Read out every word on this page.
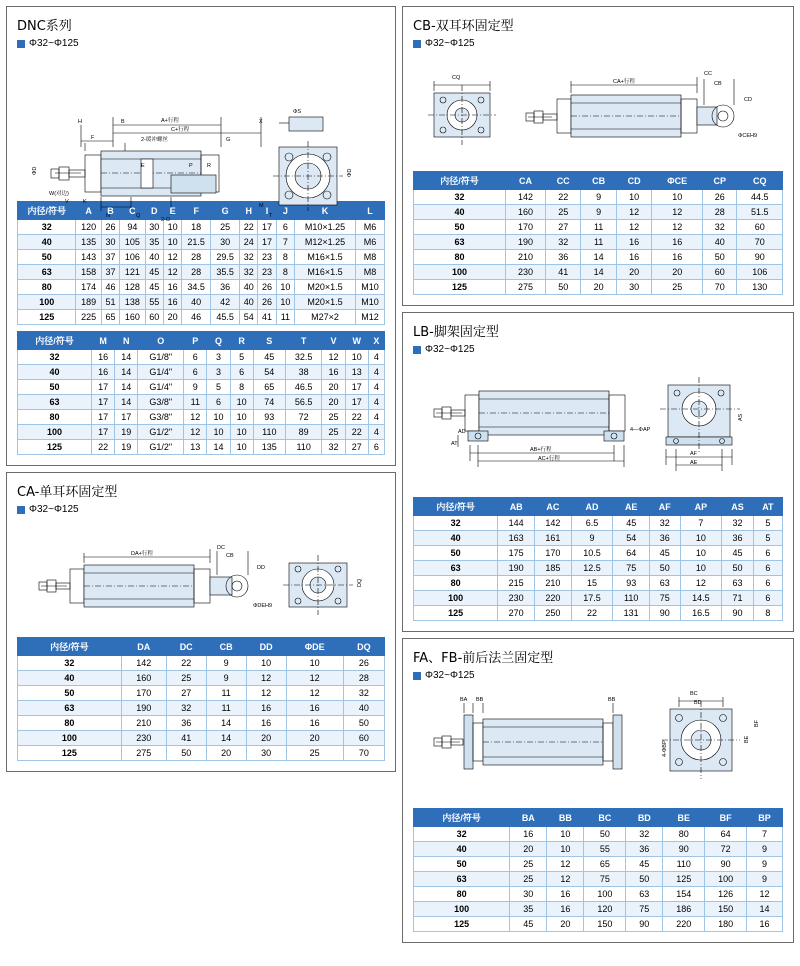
DNC系列
Φ32~Φ125
H	B	A+行程
C+行程
X
F	2-缓冲螺丝	G
ΦD
W(对边)
N	Q
2-O
M
T
P	R
E
K
V
ΦS
ΦD
内径/符号	A	B	C	D	E	F	G	H	I	J	K	L
32	120	26	94	30	10	18	25	22	17	6	M10×1.25	M6
40	135	30	105	35	10	21.5	30	24	17	7	M12×1.25	M6
50	143	37	106	40	12	28	29.5	32	23	8	M16×1.5	M8
63	158	37	121	45	12	28	35.5	32	23	8	M16×1.5	M8
80	174	46	128	45	16	34.5	36	40	26	10	M20×1.5	M10
100	189	51	138	55	16	40	42	40	26	10	M20×1.5	M10
125	225	65	160	60	20	46	45.5	54	41	11	M27×2	M12
内径/符号	M	N	O	P	Q	R	S	T	V	W	X
32	16	14	G1/8"	6	3	5	45	32.5	12	10	4
40	16	14	G1/4"	6	3	6	54	38	16	13	4
50	17	14	G1/4"	9	5	8	65	46.5	20	17	4
63	17	14	G3/8"	11	6	10	74	56.5	20	17	4
80	17	17	G3/8"	12	10	10	93	72	25	22	4
100	17	19	G1/2"	12	10	10	110	89	25	22	4
125	22	19	G1/2"	13	14	10	135	110	32	27	6
CA-单耳环固定型
Φ32~Φ125
DA+行程
DC
CB
DD
ΦDEH9
DQ
内径/符号	DA	DC	CB	DD	ΦDE	DQ
32	142	22	9	10	10	26
40	160	25	9	12	12	28
50	170	27	11	12	12	32
63	190	32	11	16	16	40
80	210	36	14	16	16	50
100	230	41	14	20	20	60
125	275	50	20	30	25	70
CB-双耳环固定型
Φ32~Φ125
CQ
CA+行程
CC
CB
CD
ΦCEH9
内径/符号	CA	CC	CB	CD	ΦCE	CP	CQ
32	142	22	9	10	10	26	44.5
40	160	25	9	12	12	28	51.5
50	170	27	11	12	12	32	60
63	190	32	11	16	16	40	70
80	210	36	14	16	16	50	90
100	230	41	14	20	20	60	106
125	275	50	20	30	25	70	130
LB-脚架固定型
Φ32~Φ125
AB+行程
AC+行程
AT
AD
AF
AE
AS
4—ΦAP
内径/符号	AB	AC	AD	AE	AF	AP	AS	AT
32	144	142	6.5	45	32	7	32	5
40	163	161	9	54	36	10	36	5
50	175	170	10.5	64	45	10	45	6
63	190	185	12.5	75	50	10	50	6
80	215	210	15	93	63	12	63	6
100	230	220	17.5	110	75	14.5	71	6
125	270	250	22	131	90	16.5	90	8
FA、FB-前后法兰固定型
Φ32~Φ125
BA BB	BB
BC
BD
BE
4-ΦBP
BF
内径/符号	BA	BB	BC	BD	BE	BF	BP
32	16	10	50	32	80	64	7
40	20	10	55	36	90	72	9
50	25	12	65	45	110	90	9
63	25	12	75	50	125	100	9
80	30	16	100	63	154	126	12
100	35	16	120	75	186	150	14
125	45	20	150	90	220	180	16
